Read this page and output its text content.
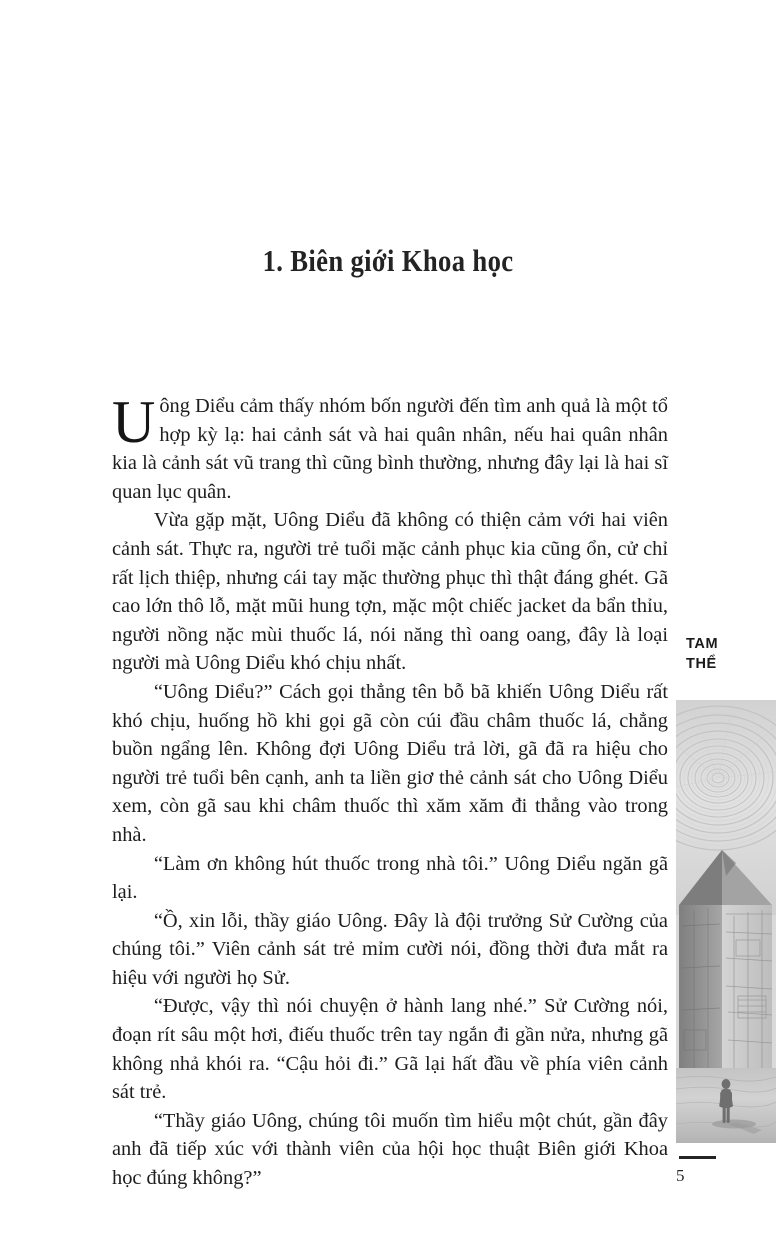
1. Biên giới Khoa học

Uông Diểu cảm thấy nhóm bốn người đến tìm anh quả là một tổ hợp kỳ lạ: hai cảnh sát và hai quân nhân, nếu hai quân nhân kia là cảnh sát vũ trang thì cũng bình thường, nhưng đây lại là hai sĩ quan lục quân.

Vừa gặp mặt, Uông Diểu đã không có thiện cảm với hai viên cảnh sát. Thực ra, người trẻ tuổi mặc cảnh phục kia cũng ổn, cử chỉ rất lịch thiệp, nhưng cái tay mặc thường phục thì thật đáng ghét. Gã cao lớn thô lỗ, mặt mũi hung tợn, mặc một chiếc jacket da bẩn thỉu, người nồng nặc mùi thuốc lá, nói năng thì oang oang, đây là loại người mà Uông Diểu khó chịu nhất.

“Uông Diểu?” Cách gọi thẳng tên bỗ bã khiến Uông Diểu rất khó chịu, huống hồ khi gọi gã còn cúi đầu châm thuốc lá, chẳng buồn ngẩng lên. Không đợi Uông Diểu trả lời, gã đã ra hiệu cho người trẻ tuổi bên cạnh, anh ta liền giơ thẻ cảnh sát cho Uông Diểu xem, còn gã sau khi châm thuốc thì xăm xăm đi thẳng vào trong nhà.

“Làm ơn không hút thuốc trong nhà tôi.” Uông Diểu ngăn gã lại.

“Ồ, xin lỗi, thầy giáo Uông. Đây là đội trưởng Sử Cường của chúng tôi.” Viên cảnh sát trẻ mỉm cười nói, đồng thời đưa mắt ra hiệu với người họ Sử.

“Được, vậy thì nói chuyện ở hành lang nhé.” Sử Cường nói, đoạn rít sâu một hơi, điếu thuốc trên tay ngắn đi gần nửa, nhưng gã không nhả khói ra. “Cậu hỏi đi.” Gã lại hất đầu về phía viên cảnh sát trẻ.

“Thầy giáo Uông, chúng tôi muốn tìm hiểu một chút, gần đây anh đã tiếp xúc với thành viên của hội học thuật Biên giới Khoa học đúng không?”

TAM
THỂ
5
